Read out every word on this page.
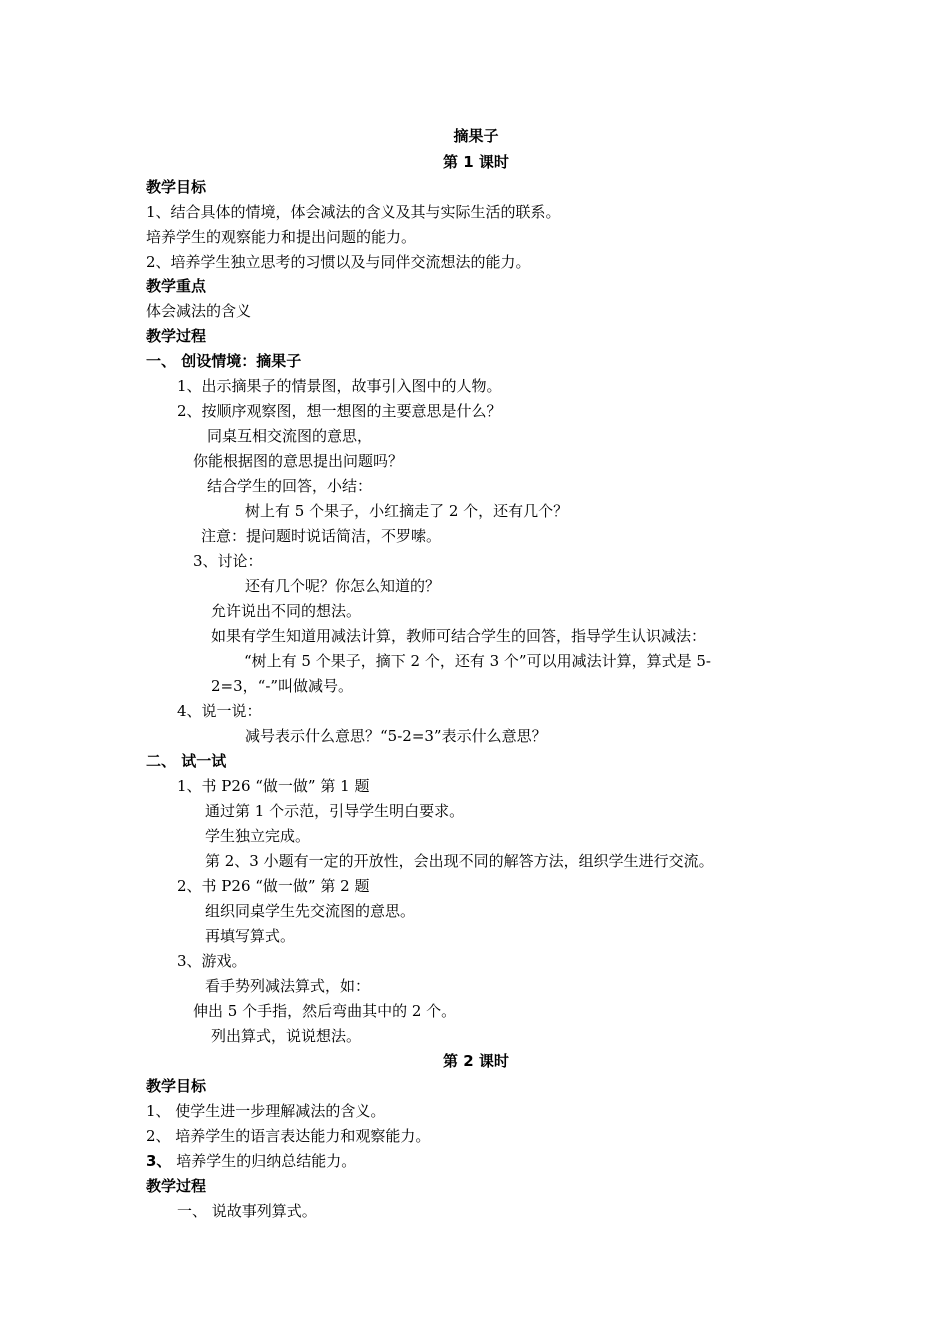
摘果子
第 1 课时
教学目标
1、结合具体的情境，体会减法的含义及其与实际生活的联系。
培养学生的观察能力和提出问题的能力。
2、培养学生独立思考的习惯以及与同伴交流想法的能力。
教学重点
体会减法的含义
教学过程
一、 创设情境：摘果子
1、出示摘果子的情景图，故事引入图中的人物。
2、按顺序观察图，想一想图的主要意思是什么？
同桌互相交流图的意思，
你能根据图的意思提出问题吗？
结合学生的回答，小结：
树上有 5 个果子，小红摘走了 2 个，还有几个？
注意：提问题时说话简洁，不罗嗦。
3、讨论：
还有几个呢？你怎么知道的？
允许说出不同的想法。
如果有学生知道用减法计算，教师可结合学生的回答，指导学生认识减法：
“树上有 5 个果子，摘下 2 个，还有 3 个”可以用减法计算，算式是 5-
2=3，“-”叫做减号。
4、说一说：
减号表示什么意思？“5-2=3”表示什么意思？
二、 试一试
1、书 P26 “做一做” 第 1 题
通过第 1 个示范，引导学生明白要求。
学生独立完成。
第 2、3 小题有一定的开放性，会出现不同的解答方法，组织学生进行交流。
2、书 P26 “做一做” 第 2 题
组织同桌学生先交流图的意思。
再填写算式。
3、游戏。
看手势列减法算式，如：
伸出 5 个手指，然后弯曲其中的 2 个。
列出算式，说说想法。
第 2 课时
教学目标
1、 使学生进一步理解减法的含义。
2、 培养学生的语言表达能力和观察能力。
3、 培养学生的归纳总结能力。
教学过程
一、 说故事列算式。
